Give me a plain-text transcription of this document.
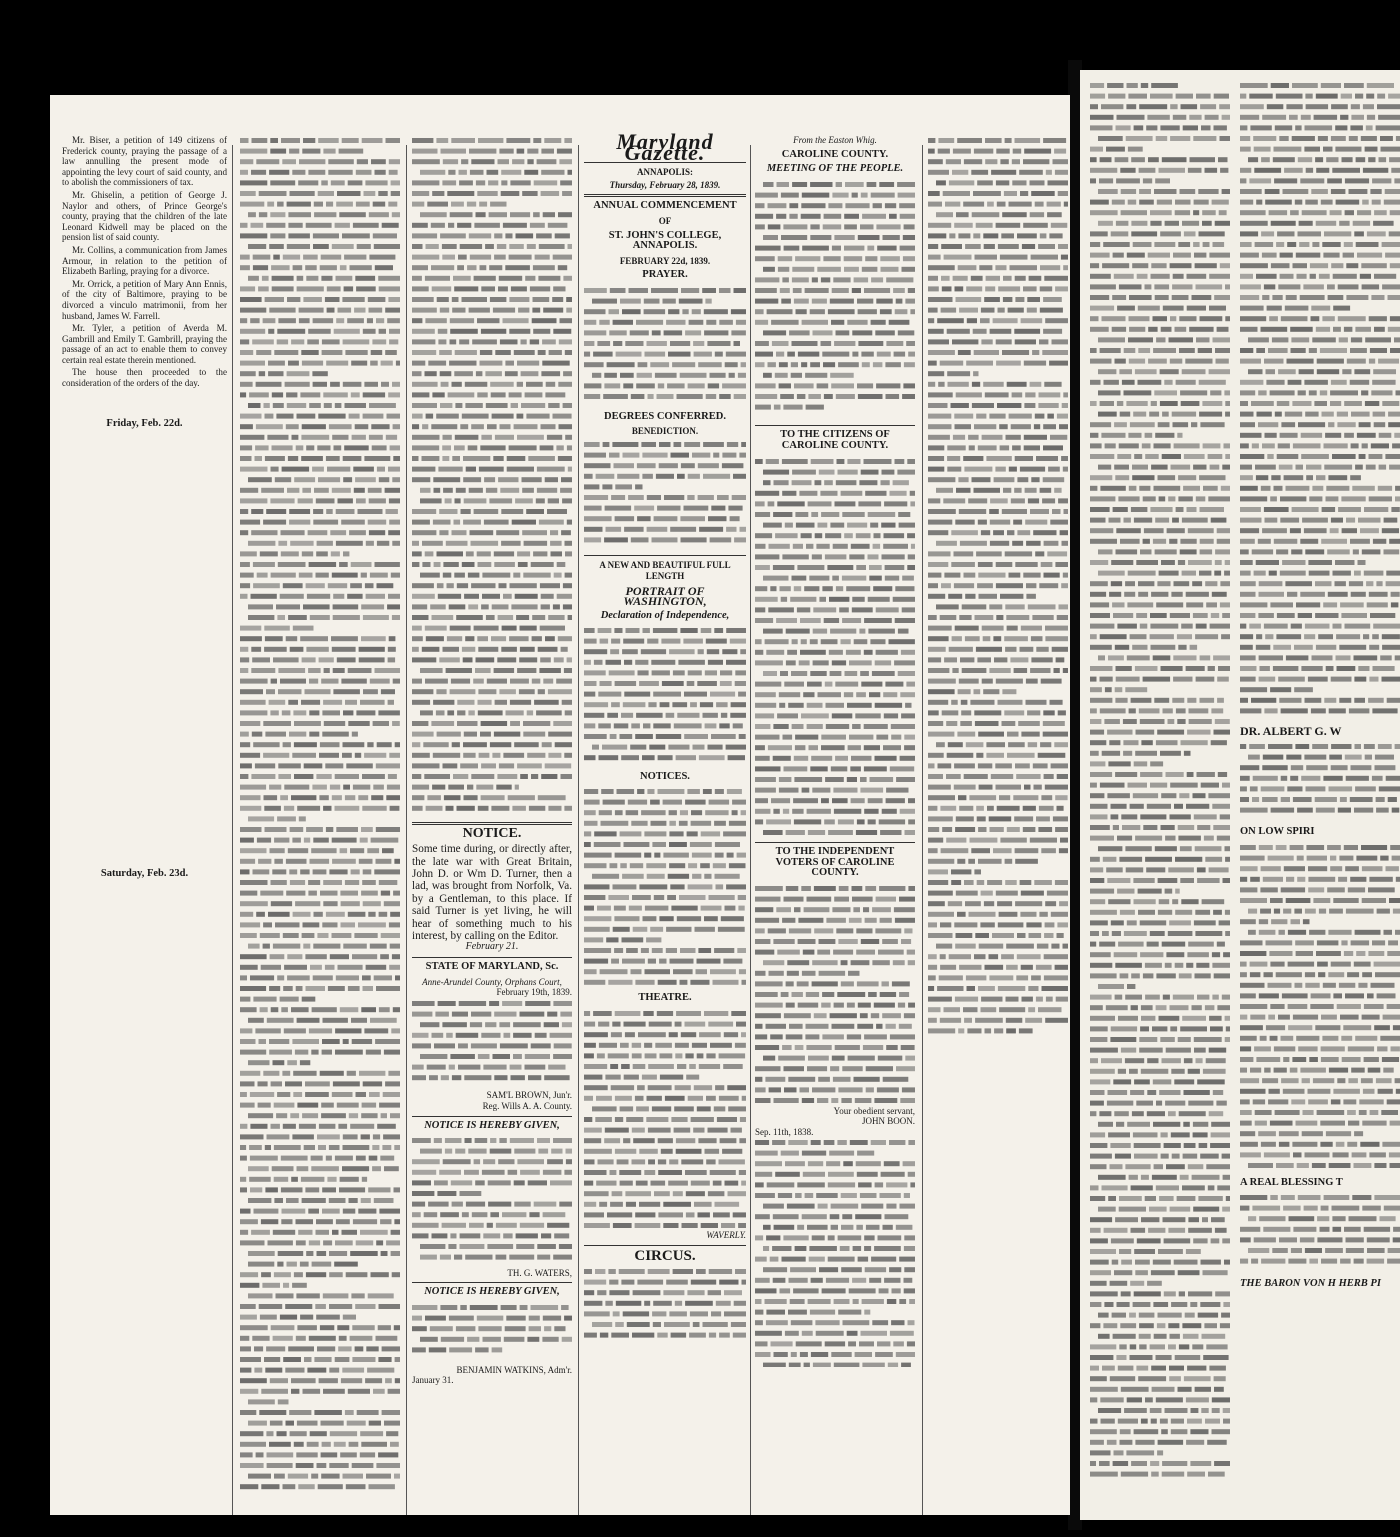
Mr. Biser, a petition of 149 citizens of Frederick county, praying the passage of a law annulling the present mode of appointing the levy court of said county, and to abolish the commissioners of tax.

Mr. Ghiselin, a petition of George J. Naylor and others, of Prince George's county, praying that the children of the late Leonard Kidwell may be placed on the pension list of said county.

Mr. Collins, a communication from James Armour, in relation to the petition of Elizabeth Barling, praying for a divorce.

Mr. Orrick, a petition of Mary Ann Ennis, of the city of Baltimore, praying to be divorced a vinculo matrimonii, from her husband, James W. Farrell.

Mr. Tyler, a petition of Averda M. Gambrill and Emily T. Gambrill, praying the passage of an act to enable them to convey certain real estate therein mentioned.

The house then proceeded to the consideration of the orders of the day.

Friday, Feb. 22d.
Saturday, Feb. 23d.
NOTICE.
Some time during, or directly after, the late war with Great Britain, John D. or Wm D. Turner, then a lad, was brought from Norfolk, Va. by a Gentleman, to this place. If said Turner is yet living, he will hear of something much to his interest, by calling on the Editor.
February 21.
STATE OF MARYLAND, Sc.
Anne-Arundel County, Orphans Court,
February 19th, 1839.
SAM'L BROWN, Jun'r.
Reg. Wills A. A. County.
NOTICE IS HEREBY GIVEN,
TH. G. WATERS,
NOTICE IS HEREBY GIVEN,
BENJAMIN WATKINS, Adm'r.
January 31.
Maryland Gazette.
ANNAPOLIS:
Thursday, February 28, 1839.
ANNUAL COMMENCEMENT
OF
ST. JOHN'S COLLEGE, ANNAPOLIS.
FEBRUARY 22d, 1839.
PRAYER.
DEGREES CONFERRED.
BENEDICTION.
A NEW AND BEAUTIFUL FULL LENGTH
PORTRAIT OF WASHINGTON,
Declaration of Independence,
NOTICES.
THEATRE.
WAVERLY.
CIRCUS.
From the Easton Whig.
CAROLINE COUNTY.
MEETING OF THE PEOPLE.
TO THE CITIZENS OF CAROLINE COUNTY.
TO THE INDEPENDENT VOTERS OF CAROLINE COUNTY.
Your obedient servant,
JOHN BOON.
Sep. 11th, 1838.
DR. ALBERT G. W
ON LOW SPIRI
A REAL BLESSING T
THE BARON VON H HERB PI
